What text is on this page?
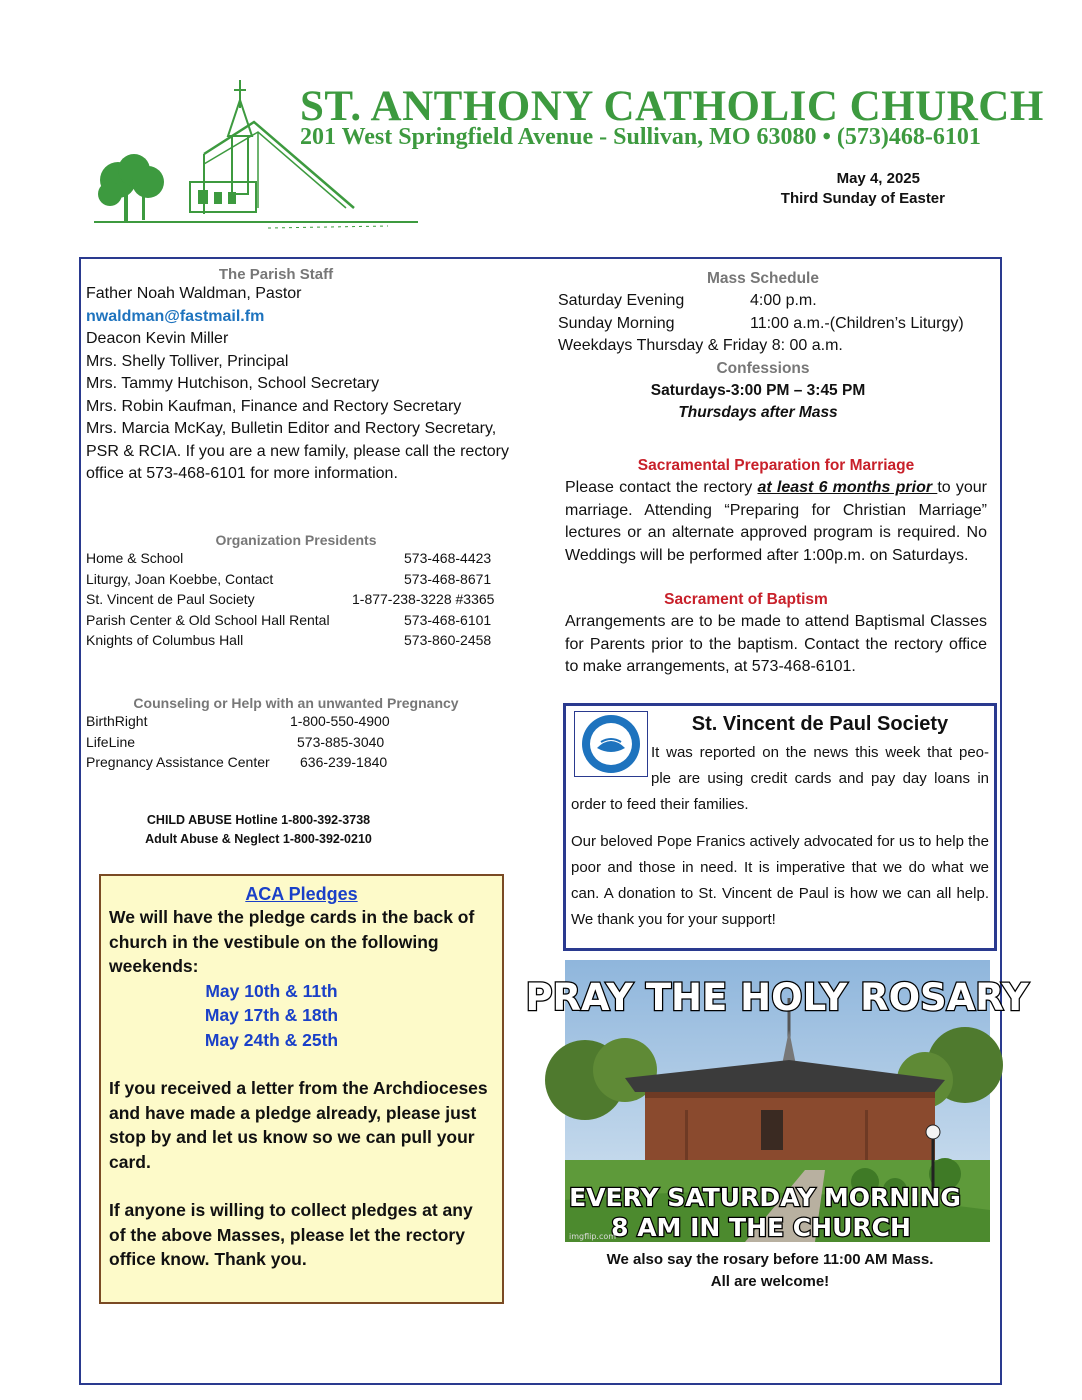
ST. ANTHONY CATHOLIC CHURCH
201 West Springfield Avenue - Sullivan, MO 63080 • (573)468-6101
May 4, 2025
Third Sunday of Easter
The Parish Staff
Father Noah Waldman, Pastor
nwaldman@fastmail.fm
Deacon Kevin Miller
Mrs. Shelly Tolliver, Principal
Mrs. Tammy Hutchison, School Secretary
Mrs. Robin Kaufman, Finance and Rectory Secretary
Mrs. Marcia McKay, Bulletin Editor and Rectory Secretary,
PSR & RCIA. If you are a new family, please call the rectory
office at 573-468-6101 for more information.
Organization Presidents
Home & School	573-468-4423
Liturgy, Joan Koebbe, Contact	573-468-8671
St. Vincent de Paul Society	1-877-238-3228 #3365
Parish Center & Old School Hall Rental	573-468-6101
Knights of Columbus Hall	573-860-2458
Counseling or Help with an unwanted Pregnancy
BirthRight	1-800-550-4900
LifeLine	573-885-3040
Pregnancy Assistance Center 636-239-1840
CHILD ABUSE Hotline 1-800-392-3738
Adult Abuse & Neglect 1-800-392-0210
ACA Pledges

We will have the pledge cards in the back of church in the vestibule on the following weekends:

May 10th & 11th

May 17th & 18th

May 24th & 25th

If you received a letter from the Archdioceses and have made a pledge already, please just stop by and let us know so we can pull your card.

If anyone is willing to collect pledges at any of the above Masses, please let the rectory office know. Thank you.

Mass Schedule
Saturday Evening	4:00 p.m.
Sunday Morning	11:00 a.m.-(Children’s Liturgy)
Weekdays Thursday & Friday 8: 00 a.m.
Confessions
Saturdays-3:00 PM – 3:45 PM
Thursdays after Mass
Sacramental Preparation for Marriage
Please contact the rectory at least 6 months prior to your marriage. Attending “Preparing for Christian Marriage” lectures or an alternate approved program is required. No Weddings will be performed after 1:00p.m. on Saturdays.
Sacrament of Baptism
Arrangements are to be made to attend Baptismal Classes for Parents prior to the baptism. Contact the rectory office to make arrangements, at 573-468-6101.
St. Vincent de Paul Society
It was reported on the news this week that peo-
ple are using credit cards and pay day loans in
order to feed their families.
Our beloved Pope Franics actively advocated for us to help the poor and those in need. It is imperative that we do what we can. A donation to St. Vincent de Paul is how we can all help. We thank you for your support!
PRAY THE HOLY ROSARY
EVERY SATURDAY MORNING
8 AM IN THE CHURCH
imgflip.com
We also say the rosary before 11:00 AM Mass.
All are welcome!
